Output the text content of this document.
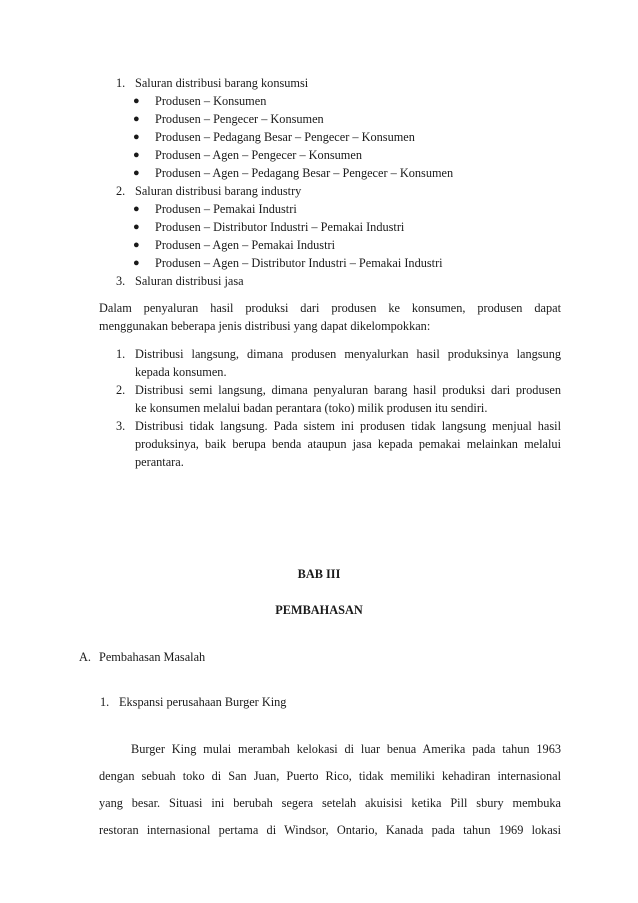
1. Saluran distribusi barang konsumsi
● Produsen – Konsumen
● Produsen – Pengecer – Konsumen
● Produsen – Pedagang Besar – Pengecer – Konsumen
● Produsen – Agen – Pengecer – Konsumen
● Produsen – Agen – Pedagang Besar – Pengecer – Konsumen
2. Saluran distribusi barang industry
● Produsen – Pemakai Industri
● Produsen – Distributor Industri – Pemakai Industri
● Produsen – Agen – Pemakai Industri
● Produsen – Agen – Distributor Industri – Pemakai Industri
3. Saluran distribusi jasa
Dalam penyaluran hasil produksi dari produsen ke konsumen, produsen dapat
menggunakan beberapa jenis distribusi yang dapat dikelompokkan:
1. Distribusi langsung, dimana produsen menyalurkan hasil produksinya langsung
kepada konsumen.
2. Distribusi semi langsung, dimana penyaluran barang hasil produksi dari produsen
ke konsumen melalui badan perantara (toko) milik produsen itu sendiri.
3. Distribusi tidak langsung. Pada sistem ini produsen tidak langsung menjual hasil
produksinya, baik berupa benda ataupun jasa kepada pemakai melainkan melalui
perantara.
BAB III
PEMBAHASAN
A. Pembahasan Masalah
1. Ekspansi perusahaan Burger King
Burger King mulai merambah kelokasi di luar benua Amerika pada tahun 1963
dengan sebuah toko di San Juan, Puerto Rico, tidak memiliki kehadiran internasional
yang besar. Situasi ini berubah segera setelah akuisisi ketika Pill sbury membuka
restoran internasional pertama di Windsor, Ontario, Kanada pada tahun 1969 lokasi
